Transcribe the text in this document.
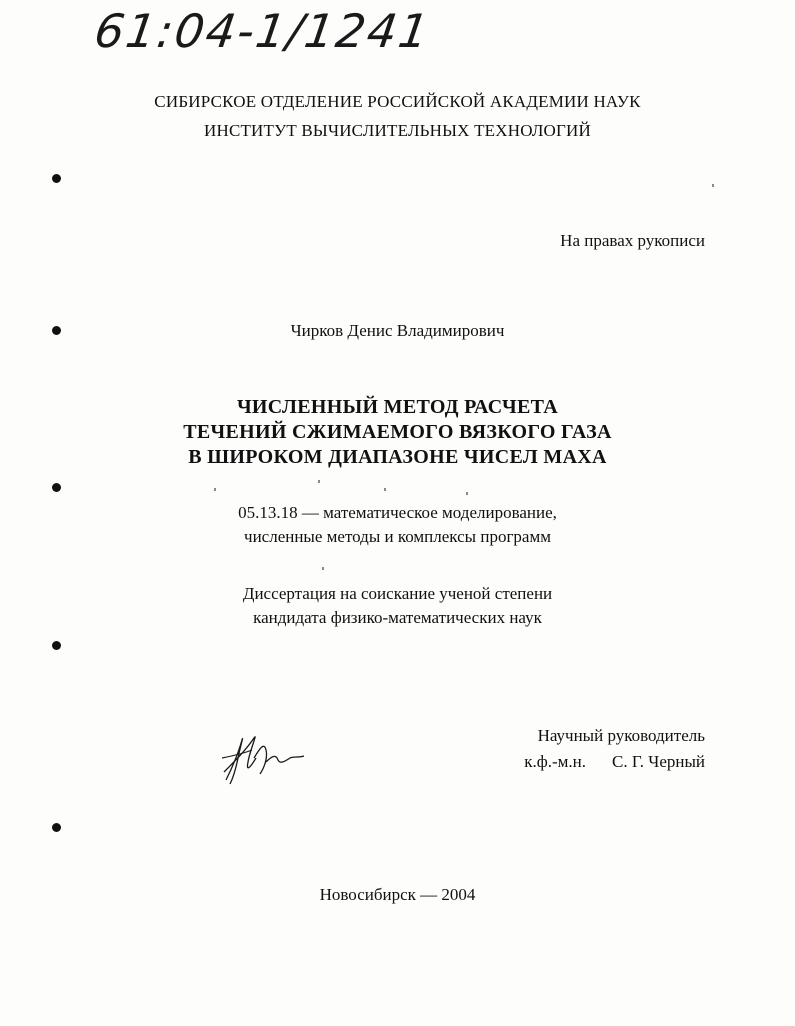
61:04-1/1241
СИБИРСКОЕ ОТДЕЛЕНИЕ РОССИЙСКОЙ АКАДЕМИИ НАУК
ИНСТИТУТ ВЫЧИСЛИТЕЛЬНЫХ ТЕХНОЛОГИЙ
На правах рукописи
Чирков Денис Владимирович
ЧИСЛЕННЫЙ МЕТОД РАСЧЕТА
ТЕЧЕНИЙ СЖИМАЕМОГО ВЯЗКОГО ГАЗА
В ШИРОКОМ ДИАПАЗОНЕ ЧИСЕЛ МАХА
05.13.18 — математическое моделирование,
численные методы и комплексы программ
Диссертация на соискание ученой степени
кандидата физико-математических наук
Научный руководитель
к.ф.-м.н. С. Г. Черный
Новосибирск — 2004
